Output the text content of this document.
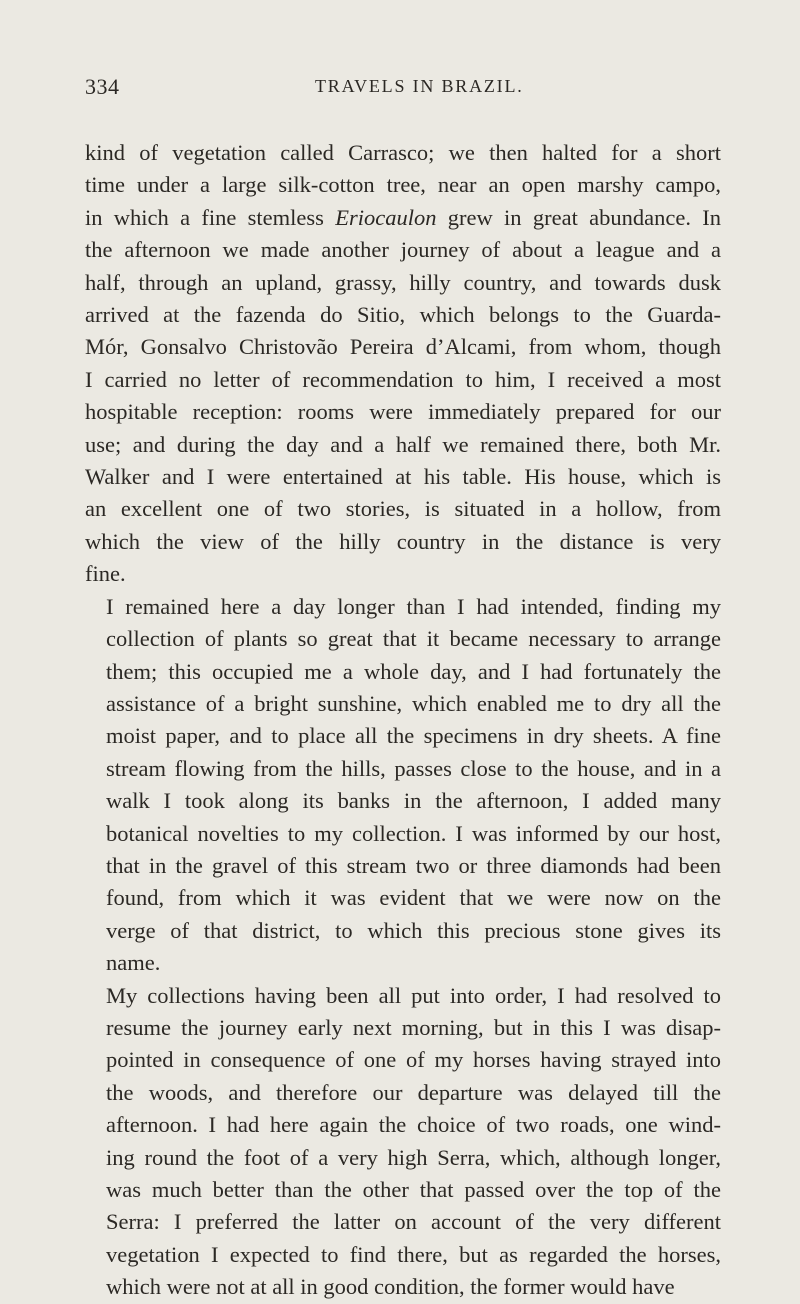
334	TRAVELS IN BRAZIL.

kind of vegetation called Carrasco; we then halted for a short
time under a large silk-cotton tree, near an open marshy campo,
in which a fine stemless Eriocaulon grew in great abundance. In
the afternoon we made another journey of about a league and a
half, through an upland, grassy, hilly country, and towards dusk
arrived at the fazenda do Sitio, which belongs to the Guarda-
Mór, Gonsalvo Christovão Pereira d’Alcami, from whom, though
I carried no letter of recommendation to him, I received a most
hospitable reception: rooms were immediately prepared for our
use; and during the day and a half we remained there, both Mr.
Walker and I were entertained at his table. His house, which is
an excellent one of two stories, is situated in a hollow, from
which the view of the hilly country in the distance is very
fine.

I remained here a day longer than I had intended, finding my
collection of plants so great that it became necessary to arrange
them; this occupied me a whole day, and I had fortunately the
assistance of a bright sunshine, which enabled me to dry all the
moist paper, and to place all the specimens in dry sheets. A fine
stream flowing from the hills, passes close to the house, and in a
walk I took along its banks in the afternoon, I added many
botanical novelties to my collection. I was informed by our host,
that in the gravel of this stream two or three diamonds had been
found, from which it was evident that we were now on the
verge of that district, to which this precious stone gives its
name.

My collections having been all put into order, I had resolved to
resume the journey early next morning, but in this I was disap-
pointed in consequence of one of my horses having strayed into
the woods, and therefore our departure was delayed till the
afternoon. I had here again the choice of two roads, one wind-
ing round the foot of a very high Serra, which, although longer,
was much better than the other that passed over the top of the
Serra: I preferred the latter on account of the very different
vegetation I expected to find there, but as regarded the horses,
which were not at all in good condition, the former would have
